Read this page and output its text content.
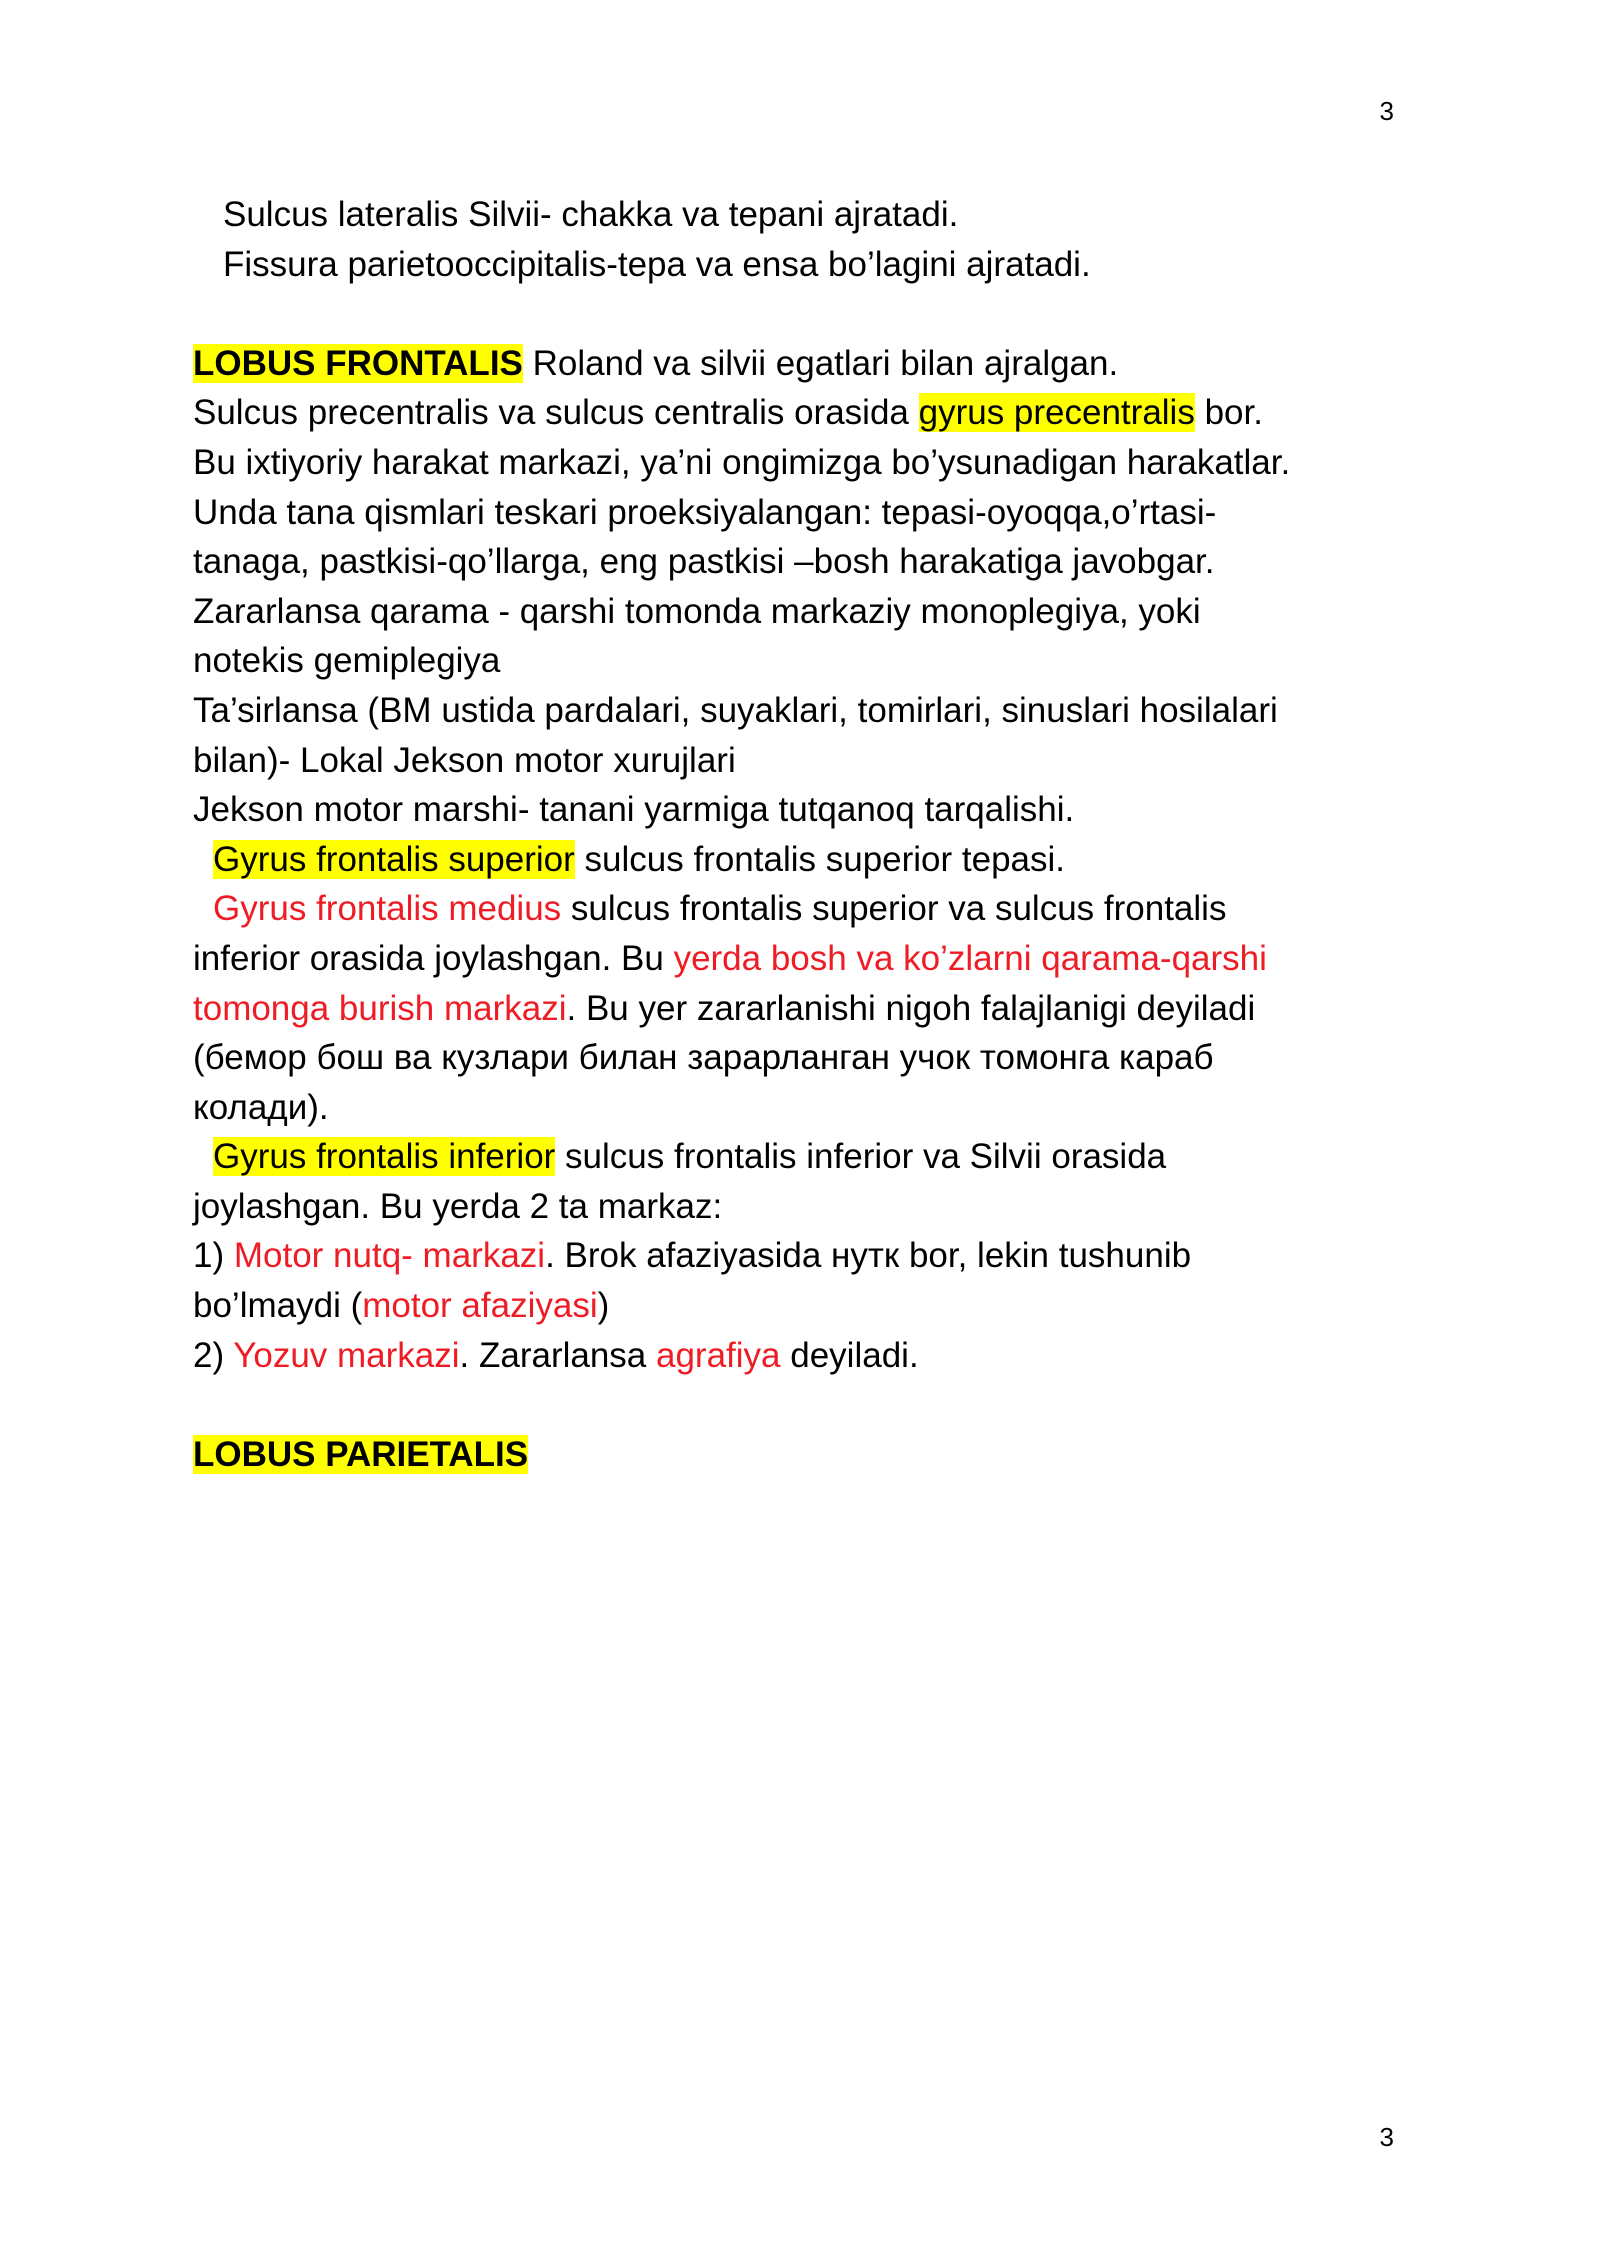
3
Sulcus lateralis Silvii- chakka va tepani ajratadi.
Fissura parietooccipitalis-tepa va ensa bo’lagini ajratadi.
LOBUS FRONTALIS Roland va silvii egatlari bilan ajralgan.
Sulcus precentralis va sulcus centralis orasida gyrus precentralis bor.
Bu ixtiyoriy harakat markazi, ya’ni ongimizga bo’ysunadigan harakatlar.
Unda tana qismlari teskari proeksiyalangan: tepasi-oyoqqa,o’rtasi-
tanaga, pastkisi-qo’llarga, eng pastkisi –bosh harakatiga javobgar.
Zararlansa qarama - qarshi tomonda markaziy monoplegiya, yoki
notekis gemiplegiya
Ta’sirlansa (BM ustida pardalari, suyaklari, tomirlari, sinuslari hosilalari
bilan)- Lokal Jekson motor xurujlari
Jekson motor marshi- tanani yarmiga tutqanoq tarqalishi.
Gyrus frontalis superior sulcus frontalis superior tepasi.
Gyrus frontalis medius sulcus frontalis superior va sulcus frontalis
inferior orasida joylashgan. Bu yerda bosh va ko’zlarni qarama-qarshi
tomonga burish markazi. Bu yer zararlanishi nigoh falajlanigi deyiladi
(бемор бош ва кузлари билан зарарланган учок томонга караб
колади).
Gyrus frontalis inferior sulcus frontalis inferior va Silvii orasida
joylashgan. Bu yerda 2 ta markaz:
1) Motor nutq- markazi. Brok afaziyasida нутк bor, lekin tushunib
bo’lmaydi (motor afaziyasi)
2) Yozuv markazi. Zararlansa agrafiya deyiladi.
LOBUS PARIETALIS
3
